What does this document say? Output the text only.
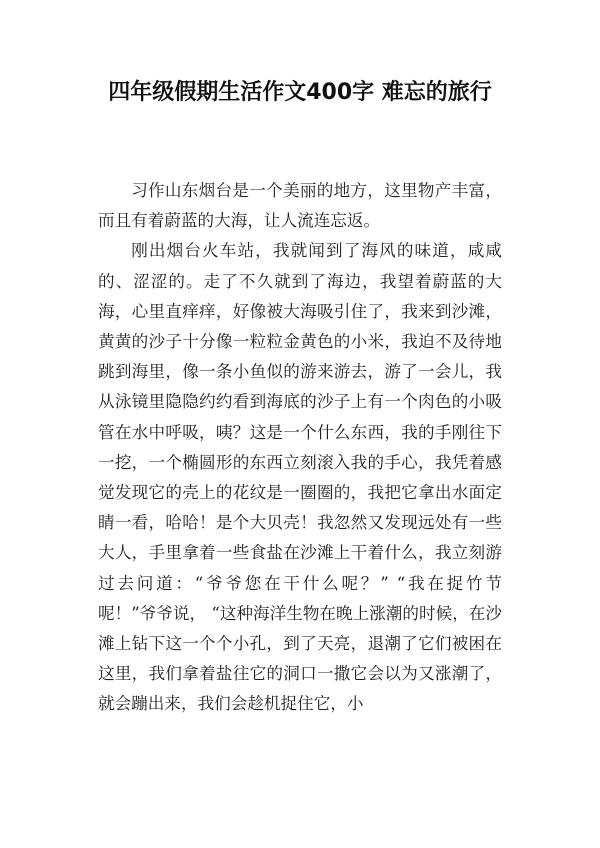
四年级假期生活作文400字 难忘的旅行

习作山东烟台是一个美丽的地方，这里物产丰富，而且有着蔚蓝的大海，让人流连忘返。

刚出烟台火车站，我就闻到了海风的味道，咸咸的、涩涩的。走了不久就到了海边，我望着蔚蓝的大海，心里直痒痒，好像被大海吸引住了，我来到沙滩，黄黄的沙子十分像一粒粒金黄色的小米，我迫不及待地跳到海里，像一条小鱼似的游来游去，游了一会儿，我从泳镜里隐隐约约看到海底的沙子上有一个肉色的小吸管在水中呼吸，咦？这是一个什么东西，我的手刚往下一挖，一个椭圆形的东西立刻滚入我的手心，我凭着感觉发现它的壳上的花纹是一圈圈的，我把它拿出水面定睛一看，哈哈！是个大贝壳！我忽然又发现远处有一些大人，手里拿着一些食盐在沙滩上干着什么，我立刻游过去问道：“爷爷您在干什么呢？” “我在捉竹节呢！”爷爷说， “这种海洋生物在晚上涨潮的时候，在沙滩上钻下这一个个小孔，到了天亮，退潮了它们被困在这里，我们拿着盐往它的洞口一撒它会以为又涨潮了，就会蹦出来，我们会趁机捉住它，小
